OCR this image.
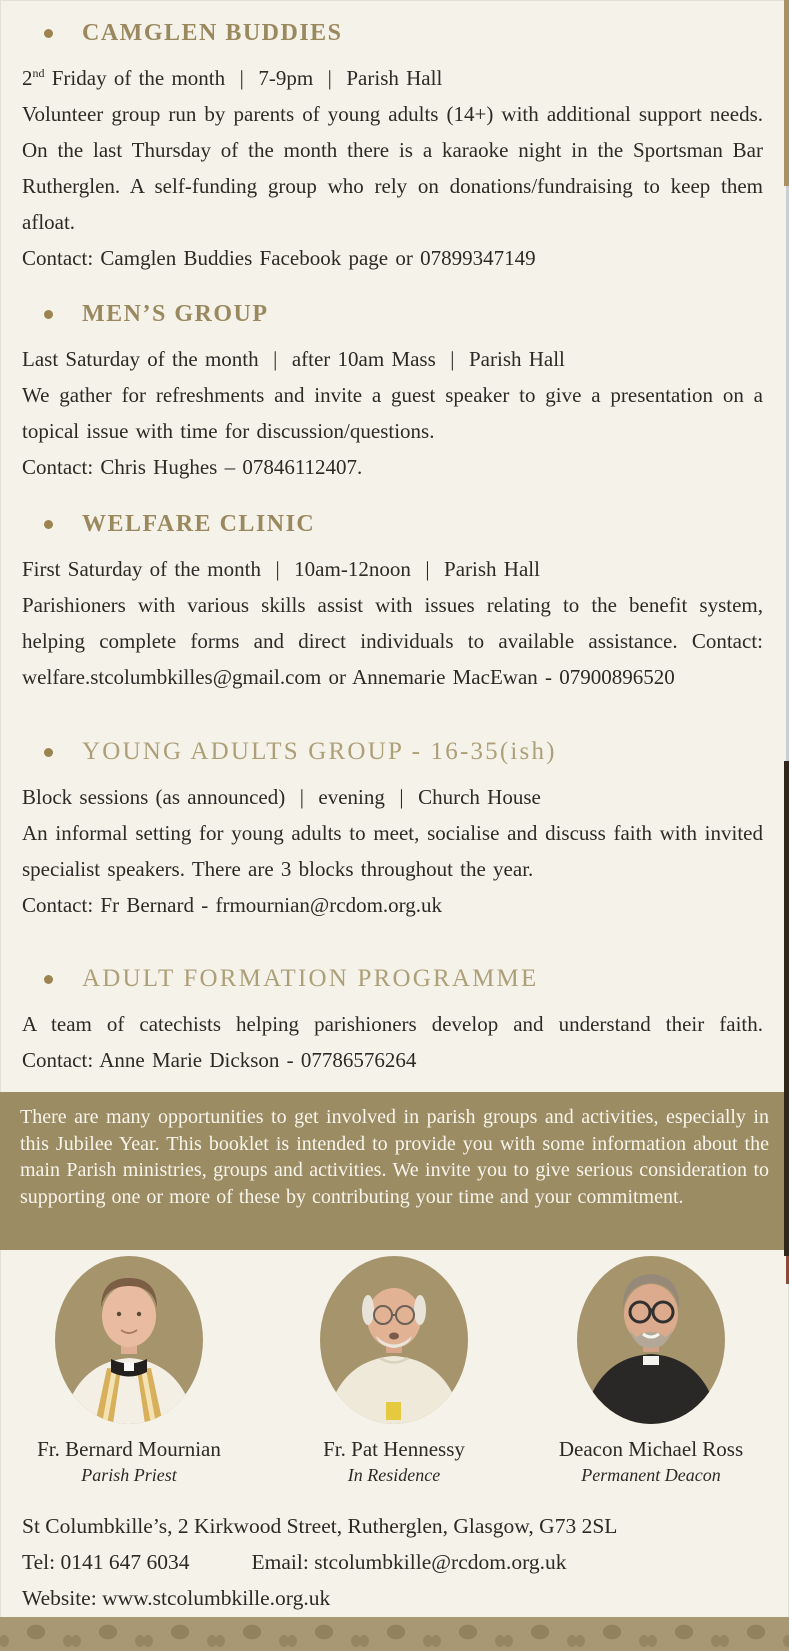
CAMGLEN BUDDIES

2nd Friday of the month  |  7-9pm  |  Parish Hall

Volunteer group run by parents of young adults (14+) with additional support needs. On the last Thursday of the month there is a karaoke night in the Sportsman Bar Rutherglen. A self-funding group who rely on donations/fundraising to keep them afloat.

Contact: Camglen Buddies Facebook page or 07899347149

MEN’S GROUP

Last Saturday of the month  |  after 10am Mass  |  Parish Hall

We gather for refreshments and invite a guest speaker to give a presentation on a topical issue with time for discussion/questions.

Contact: Chris Hughes – 07846112407.

WELFARE CLINIC

First Saturday of the month  |  10am-12noon  |  Parish Hall

Parishioners with various skills assist with issues relating to the benefit system, helping complete forms and direct individuals to available assistance. Contact: welfare.stcolumbkilles@gmail.com or Annemarie MacEwan - 07900896520

YOUNG ADULTS GROUP - 16-35(ish)

Block sessions (as announced)  |  evening  |  Church House

An informal setting for young adults to meet, socialise and discuss faith with invited specialist speakers. There are 3 blocks throughout the year.

Contact: Fr Bernard - frmournian@rcdom.org.uk

ADULT FORMATION PROGRAMME

A team of catechists helping parishioners develop and understand their faith. Contact: Anne Marie Dickson - 07786576264

There are many opportunities to get involved in parish groups and activities, especially in this Jubilee Year. This booklet is intended to provide you with some information about the main Parish ministries, groups and activities. We invite you to give serious consideration to supporting one or more of these by contributing your time and your commitment.

Fr. Bernard Mournian
Parish Priest
Fr. Pat Hennessy
In Residence
Deacon Michael Ross
Permanent Deacon
St Columbkille’s, 2 Kirkwood Street, Rutherglen, Glasgow, G73 2SL
Tel: 0141 647 6034	Email: stcolumbkille@rcdom.org.uk
Website: www.stcolumbkille.org.uk
